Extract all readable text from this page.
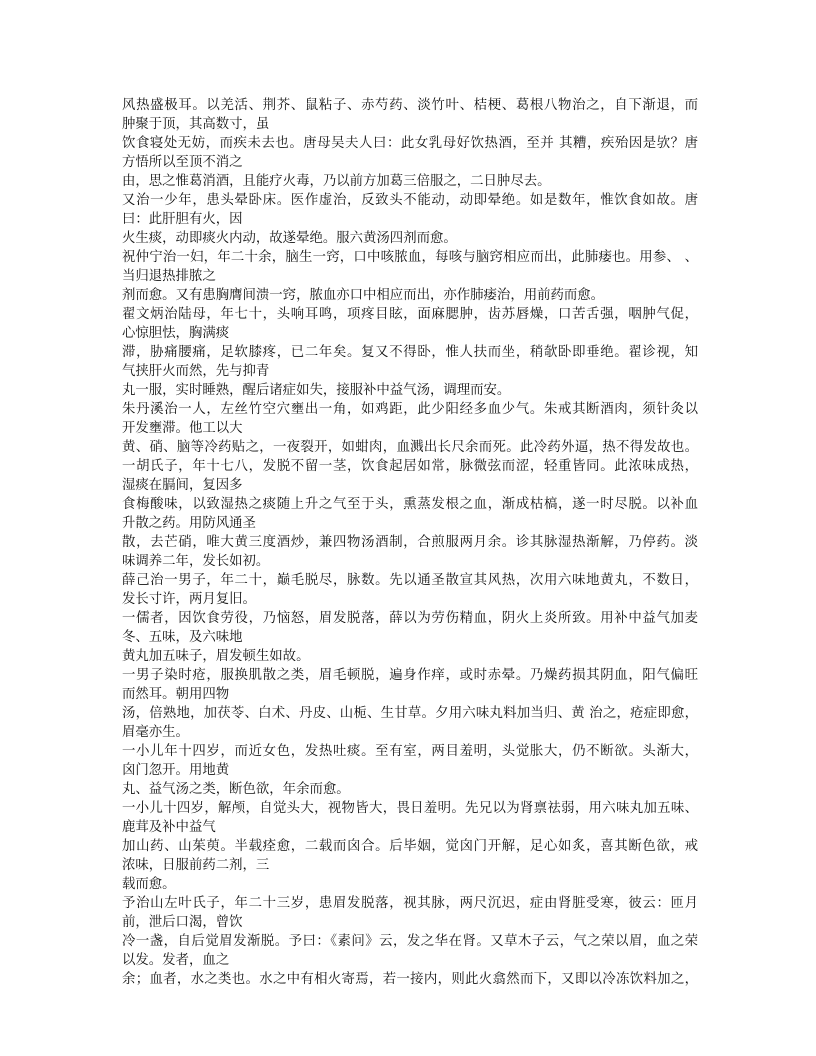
风热盛极耳。以羌活、荆芥、鼠粘子、赤芍药、淡竹叶、桔梗、葛根八物治之，自下渐退，而
肿聚于顶，其高数寸，虽
饮食寝处无妨，而疾未去也。唐母吴夫人曰：此女乳母好饮热酒，至并 其糟，疾殆因是欤？唐
方悟所以至顶不消之
由，思之惟葛消酒，且能疗火毒，乃以前方加葛三倍服之，二日肿尽去。
又治一少年，患头晕卧床。医作虚治，反致头不能动，动即晕绝。如是数年，惟饮食如故。唐
曰：此肝胆有火，因
火生痰，动即痰火内动，故遂晕绝。服六黄汤四剂而愈。
祝仲宁治一妇，年二十余，脑生一窍，口中咳脓血，每咳与脑窍相应而出，此肺痿也。用参、 、
当归退热排脓之
剂而愈。又有患胸膺间溃一窍，脓血亦口中相应而出，亦作肺痿治，用前药而愈。
翟文炳治陆母，年七十，头响耳鸣，项疼目眩，面麻腮肿，齿苏唇燥，口苦舌强，咽肿气促，
心惊胆怯，胸满痰
滞，胁痛腰痛，足软膝疼，已二年矣。复又不得卧，惟人扶而坐，稍欹卧即垂绝。翟诊视，知
气挟肝火而然，先与抑青
丸一服，实时睡熟，醒后诸症如失，接服补中益气汤，调理而安。
朱丹溪治一人，左丝竹空穴壅出一角，如鸡距，此少阳经多血少气。朱戒其断酒肉，须针灸以
开发壅滞。他工以大
黄、硝、脑等冷药贴之，一夜裂开，如蚶肉，血溅出长尺余而死。此冷药外逼，热不得发故也。
一胡氏子，年十七八，发脱不留一茎，饮食起居如常，脉微弦而涩，轻重皆同。此浓味成热，
湿痰在膈间，复因多
食梅酸味，以致湿热之痰随上升之气至于头，熏蒸发根之血，渐成枯槁，遂一时尽脱。以补血
升散之药。用防风通圣
散，去芒硝，唯大黄三度酒炒，兼四物汤酒制，合煎服两月余。诊其脉湿热渐解，乃停药。淡
味调养二年，发长如初。
薛己治一男子，年二十，巅毛脱尽，脉数。先以通圣散宣其风热，次用六味地黄丸，不数日，
发长寸许，两月复旧。
一儒者，因饮食劳役，乃恼怒，眉发脱落，薛以为劳伤精血，阴火上炎所致。用补中益气加麦
冬、五味，及六味地
黄丸加五味子，眉发顿生如故。
一男子染时疮，服换肌散之类，眉毛顿脱，遍身作痒，或时赤晕。乃燥药损其阴血，阳气偏旺
而然耳。朝用四物
汤，倍熟地，加茯苓、白术、丹皮、山栀、生甘草。夕用六味丸料加当归、黄 治之，疮症即愈，
眉毫亦生。
一小儿年十四岁，而近女色，发热吐痰。至有室，两目羞明，头觉胀大，仍不断欲。头渐大，
囟门忽开。用地黄
丸、益气汤之类，断色欲，年余而愈。
一小儿十四岁，解颅，自觉头大，视物皆大，畏日羞明。先兄以为肾禀祛弱，用六味丸加五味、
鹿茸及补中益气
加山药、山茱萸。半载痊愈，二载而囟合。后毕姻，觉囟门开解，足心如炙，喜其断色欲，戒
浓味，日服前药二剂，三
载而愈。
予治山左叶氏子，年二十三岁，患眉发脱落，视其脉，两尺沉迟，症由肾脏受寒，彼云：匝月
前，泄后口渴，曾饮
冷一盏，自后觉眉发渐脱。予曰：《素问》云，发之华在肾。又草木子云，气之荣以眉，血之荣
以发。发者，血之
余；血者，水之类也。水之中有相火寄焉，若一接内，则此火翕然而下，又即以冷冻饮料加之，
